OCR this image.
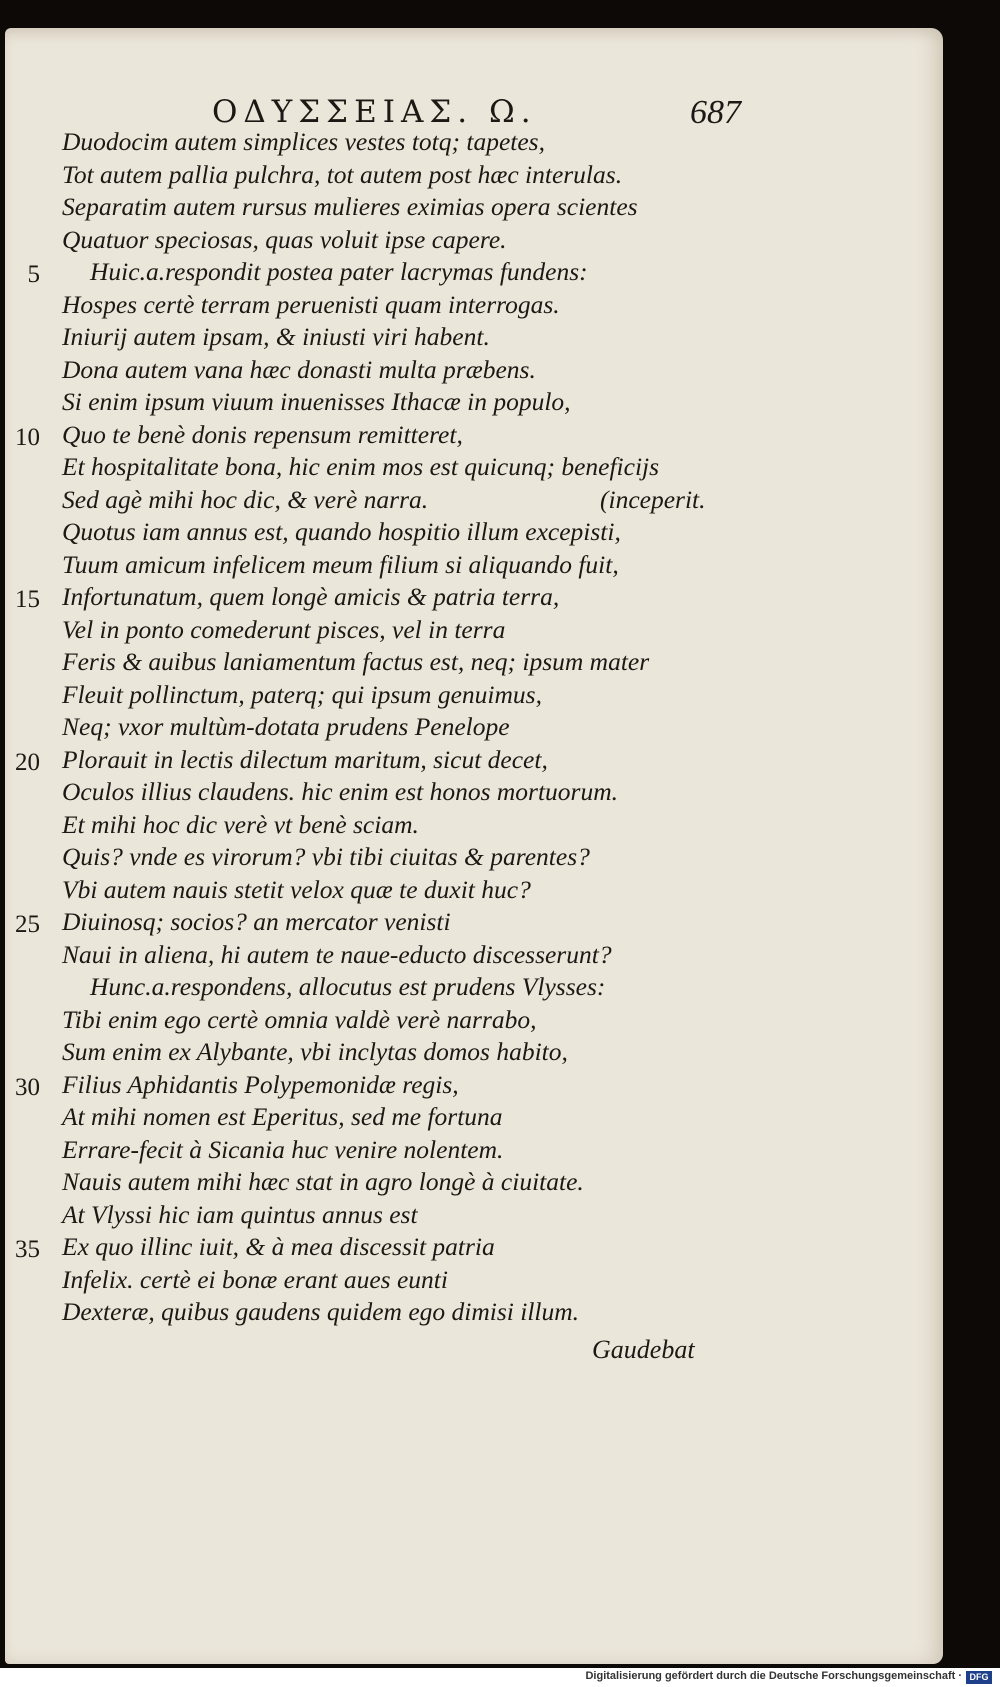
ΟΔΥΣΣΕΙΑΣ. Ω.	687
Duodocim autem simplices vestes totq; tapetes,
Tot autem pallia pulchra, tot autem post hæc interulas.
Separatim autem rursus mulieres eximias opera scientes
Quatuor speciosas, quas voluit ipse capere.
5 Huic.a.respondit postea pater lacrymas fundens:
Hospes certè terram peruenisti quam interrogas.
Iniurij autem ipsam, & iniusti viri habent.
Dona autem vana hæc donasti multa præbens.
Si enim ipsum viuum inuenisses Ithacæ in populo,
10 Quo te benè donis repensum remitteret,
Et hospitalitate bona, hic enim mos est quicunq; beneficijs
Sed agè mihi hoc dic, & verè narra.	(inceperit.
Quotus iam annus est, quando hospitio illum excepisti,
Tuum amicum infelicem meum filium si aliquando fuit,
15 Infortunatum, quem longè amicis & patria terra,
Vel in ponto comederunt pisces, vel in terra
Feris & auibus laniamentum factus est, neq; ipsum mater
Fleuit pollinctum, paterq; qui ipsum genuimus,
Neq; vxor multùm-dotata prudens Penelope
20 Plorauit in lectis dilectum maritum, sicut decet,
Oculos illius claudens. hic enim est honos mortuorum.
Et mihi hoc dic verè vt benè sciam.
Quis? vnde es virorum? vbi tibi ciuitas & parentes?
Vbi autem nauis stetit velox quæ te duxit huc?
25 Diuinosq; socios? an mercator venisti
Naui in aliena, hi autem te naue-educto discesserunt?
Hunc.a.respondens, allocutus est prudens Vlysses:
Tibi enim ego certè omnia valdè verè narrabo,
Sum enim ex Alybante, vbi inclytas domos habito,
30 Filius Aphidantis Polypemonidæ regis,
At mihi nomen est Eperitus, sed me fortuna
Errare-fecit à Sicania huc venire nolentem.
Nauis autem mihi hæc stat in agro longè à ciuitate.
At Vlyssi hic iam quintus annus est
35 Ex quo illinc iuit, & à mea discessit patria
Infelix. certè ei bonæ erant aues eunti
Dexteræ, quibus gaudens quidem ego dimisi illum.
Gaudebat
Digitalisierung gefördert durch die Deutsche Forschungsgemeinschaft · DFG
